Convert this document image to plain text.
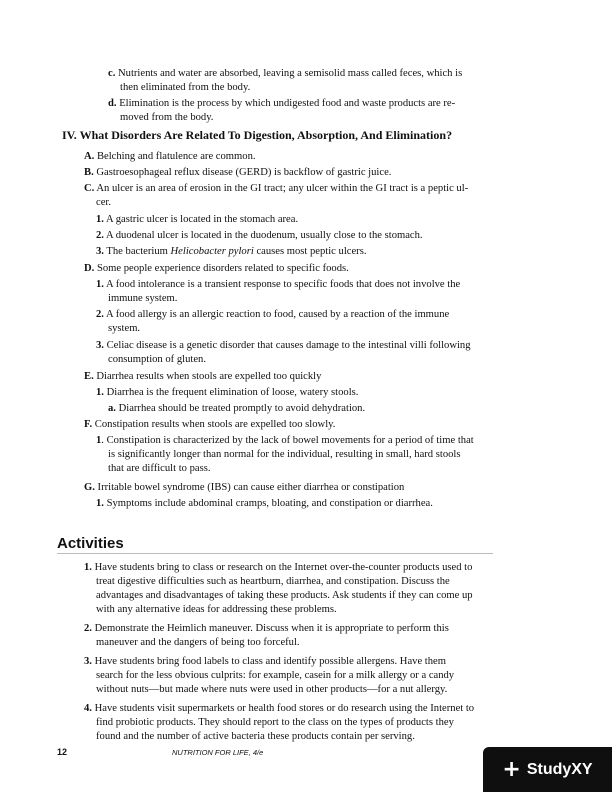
c. Nutrients and water are absorbed, leaving a semisolid mass called feces, which is
then eliminated from the body.
d. Elimination is the process by which undigested food and waste products are re-
moved from the body.
A. Belching and flatulence are common.
B. Gastroesophageal reflux disease (GERD) is backflow of gastric juice.
C. An ulcer is an area of erosion in the GI tract; any ulcer within the GI tract is a peptic ul-
cer.
1. A gastric ulcer is located in the stomach area.
2. A duodenal ulcer is located in the duodenum, usually close to the stomach.
3. The bacterium Helicobacter pylori causes most peptic ulcers.
D. Some people experience disorders related to specific foods.
1. A food intolerance is a transient response to specific foods that does not involve the
immune system.
2. A food allergy is an allergic reaction to food, caused by a reaction of the immune
system.
3. Celiac disease is a genetic disorder that causes damage to the intestinal villi following
consumption of gluten.
E. Diarrhea results when stools are expelled too quickly
1. Diarrhea is the frequent elimination of loose, watery stools.
a. Diarrhea should be treated promptly to avoid dehydration.
F. Constipation results when stools are expelled too slowly.
1. Constipation is characterized by the lack of bowel movements for a period of time that
is significantly longer than normal for the individual, resulting in small, hard stools
that are difficult to pass.
G. Irritable bowel syndrome (IBS) can cause either diarrhea or constipation
1. Symptoms include abdominal cramps, bloating, and constipation or diarrhea.
1. Have students bring to class or research on the Internet over-the-counter products used to
treat digestive difficulties such as heartburn, diarrhea, and constipation. Discuss the
advantages and disadvantages of taking these products. Ask students if they can come up
with any alternative ideas for addressing these problems.
2. Demonstrate the Heimlich maneuver. Discuss when it is appropriate to perform this
maneuver and the dangers of being too forceful.
3. Have students bring food labels to class and identify possible allergens. Have them
search for the less obvious culprits: for example, casein for a milk allergy or a candy
without nuts—but made where nuts were used in other products—for a nut allergy.
4. Have students visit supermarkets or health food stores or do research using the Internet to
find probiotic products. They should report to the class on the types of products they
found and the number of active bacteria these products contain per serving.
IV. What Disorders Are Related To Digestion, Absorption, And Elimination?
Activities
12	NUTRITION FOR LIFE, 4/e
+ StudyXY
